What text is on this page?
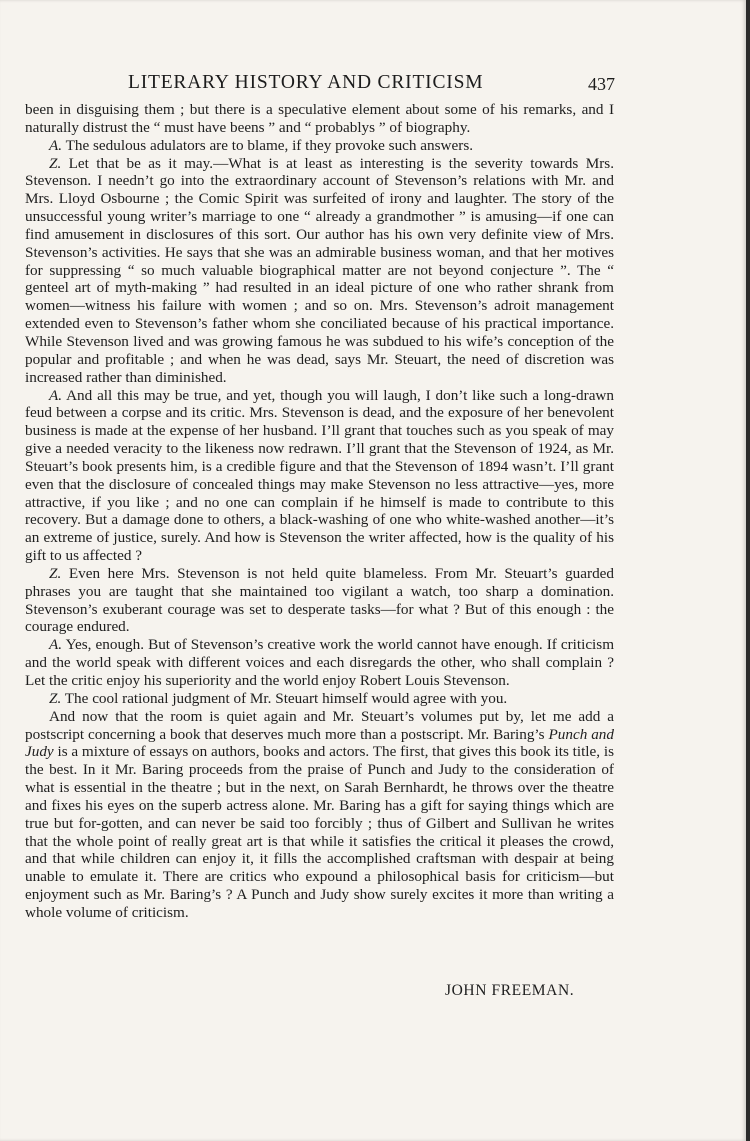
LITERARY HISTORY AND CRITICISM	437

been in disguising them ; but there is a speculative element about some of his remarks, and I naturally distrust the “ must have beens ” and “ probablys ” of biography.

A. The sedulous adulators are to blame, if they provoke such answers.

Z. Let that be as it may.—What is at least as interesting is the severity towards Mrs. Stevenson. I needn’t go into the extraordinary account of Stevenson’s relations with Mr. and Mrs. Lloyd Osbourne ; the Comic Spirit was surfeited of irony and laughter. The story of the unsuccessful young writer’s marriage to one “ already a grandmother ” is amusing—if one can find amusement in disclosures of this sort. Our author has his own very definite view of Mrs. Stevenson’s activities. He says that she was an admirable business woman, and that her motives for suppressing “ so much valuable biographical matter are not beyond conjecture ”. The “ genteel art of myth-making ” had resulted in an ideal picture of one who rather shrank from women—witness his failure with women ; and so on. Mrs. Stevenson’s adroit management extended even to Stevenson’s father whom she conciliated because of his practical importance. While Stevenson lived and was growing famous he was subdued to his wife’s conception of the popular and profitable ; and when he was dead, says Mr. Steuart, the need of discretion was increased rather than diminished.

A. And all this may be true, and yet, though you will laugh, I don’t like such a long-drawn feud between a corpse and its critic. Mrs. Stevenson is dead, and the exposure of her benevolent business is made at the expense of her husband. I’ll grant that touches such as you speak of may give a needed veracity to the likeness now redrawn. I’ll grant that the Stevenson of 1924, as Mr. Steuart’s book presents him, is a credible figure and that the Stevenson of 1894 wasn’t. I’ll grant even that the disclosure of concealed things may make Stevenson no less attractive—yes, more attractive, if you like ; and no one can complain if he himself is made to contribute to this recovery. But a damage done to others, a black-washing of one who white-washed another—it’s an extreme of justice, surely. And how is Stevenson the writer affected, how is the quality of his gift to us affected ?

Z. Even here Mrs. Stevenson is not held quite blameless. From Mr. Steuart’s guarded phrases you are taught that she maintained too vigilant a watch, too sharp a domination. Stevenson’s exuberant courage was set to desperate tasks—for what ? But of this enough : the courage endured.

A. Yes, enough. But of Stevenson’s creative work the world cannot have enough. If criticism and the world speak with different voices and each disregards the other, who shall complain ? Let the critic enjoy his superiority and the world enjoy Robert Louis Stevenson.

Z. The cool rational judgment of Mr. Steuart himself would agree with you.

And now that the room is quiet again and Mr. Steuart’s volumes put by, let me add a postscript concerning a book that deserves much more than a postscript. Mr. Baring’s Punch and Judy is a mixture of essays on authors, books and actors. The first, that gives this book its title, is the best. In it Mr. Baring proceeds from the praise of Punch and Judy to the consideration of what is essential in the theatre ; but in the next, on Sarah Bernhardt, he throws over the theatre and fixes his eyes on the superb actress alone. Mr. Baring has a gift for saying things which are true but for-gotten, and can never be said too forcibly ; thus of Gilbert and Sullivan he writes that the whole point of really great art is that while it satisfies the critical it pleases the crowd, and that while children can enjoy it, it fills the accomplished craftsman with despair at being unable to emulate it. There are critics who expound a philosophical basis for criticism—but enjoyment such as Mr. Baring’s ? A Punch and Judy show surely excites it more than writing a whole volume of criticism.

JOHN FREEMAN.
